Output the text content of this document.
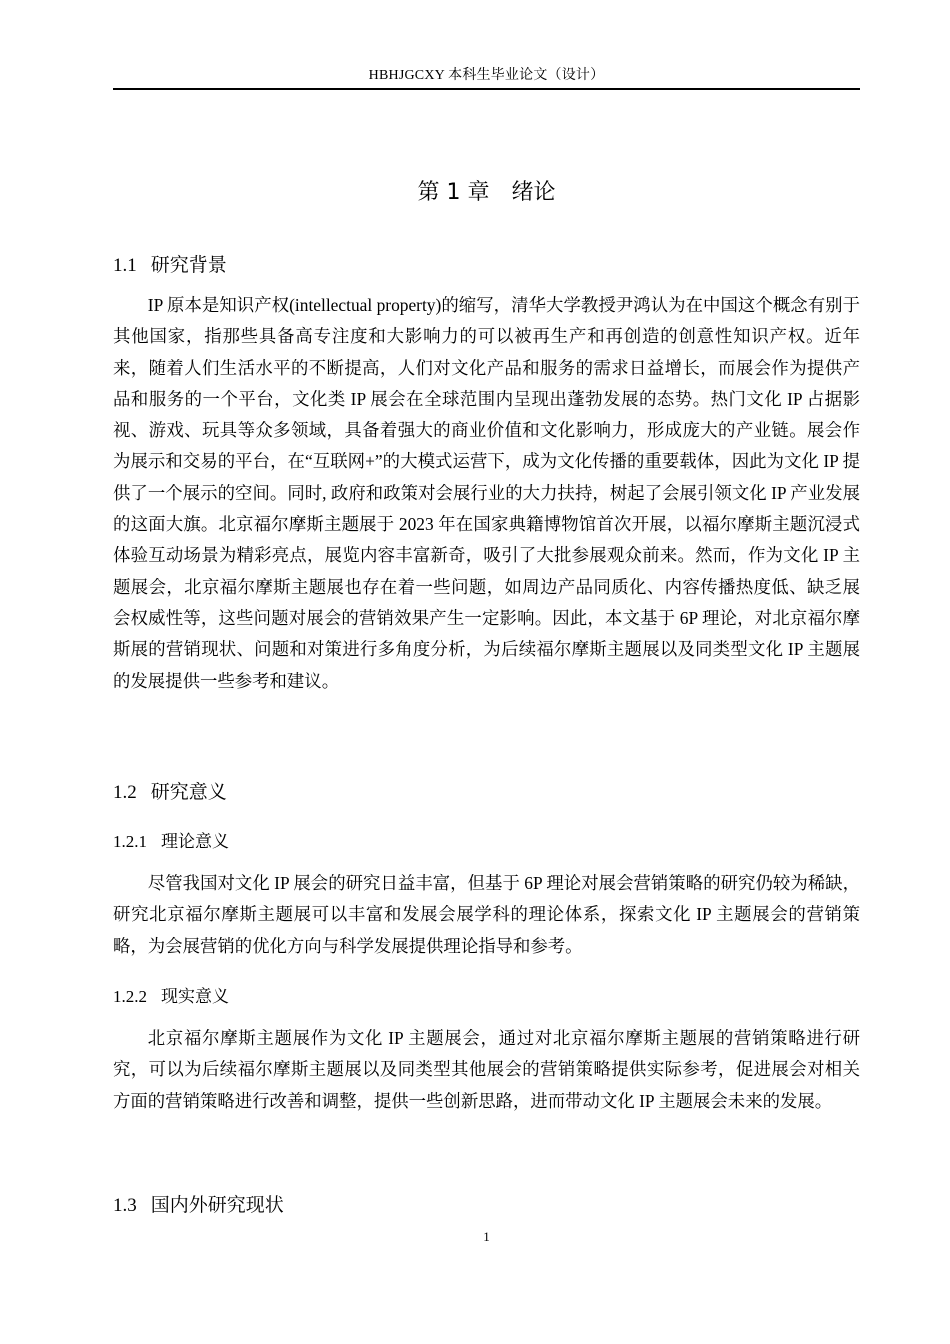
HBHJGCXY 本科生毕业论文（设计）
第 1 章　绪论
1.1 研究背景

IP 原本是知识产权(intellectual property)的缩写，清华大学教授尹鸿认为在中国这个概念有别于其他国家，指那些具备高专注度和大影响力的可以被再生产和再创造的创意性知识产权。近年来，随着人们生活水平的不断提高，人们对文化产品和服务的需求日益增长，而展会作为提供产品和服务的一个平台，文化类 IP 展会在全球范围内呈现出蓬勃发展的态势。热门文化 IP 占据影视、游戏、玩具等众多领域，具备着强大的商业价值和文化影响力，形成庞大的产业链。展会作为展示和交易的平台，在“互联网+”的大模式运营下，成为文化传播的重要载体，因此为文化 IP 提供了一个展示的空间。同时, 政府和政策对会展行业的大力扶持，树起了会展引领文化 IP 产业发展的这面大旗。北京福尔摩斯主题展于 2023 年在国家典籍博物馆首次开展，以福尔摩斯主题沉浸式体验互动场景为精彩亮点，展览内容丰富新奇，吸引了大批参展观众前来。然而，作为文化 IP 主题展会，北京福尔摩斯主题展也存在着一些问题，如周边产品同质化、内容传播热度低、缺乏展会权威性等，这些问题对展会的营销效果产生一定影响。因此，本文基于 6P 理论，对北京福尔摩斯展的营销现状、问题和对策进行多角度分析，为后续福尔摩斯主题展以及同类型文化 IP 主题展的发展提供一些参考和建议。

1.2 研究意义
1.2.1 理论意义

尽管我国对文化 IP 展会的研究日益丰富，但基于 6P 理论对展会营销策略的研究仍较为稀缺，研究北京福尔摩斯主题展可以丰富和发展会展学科的理论体系，探索文化 IP 主题展会的营销策略，为会展营销的优化方向与科学发展提供理论指导和参考。

1.2.2 现实意义

北京福尔摩斯主题展作为文化 IP 主题展会，通过对北京福尔摩斯主题展的营销策略进行研究，可以为后续福尔摩斯主题展以及同类型其他展会的营销策略提供实际参考，促进展会对相关方面的营销策略进行改善和调整，提供一些创新思路，进而带动文化 IP 主题展会未来的发展。

1.3 国内外研究现状
1
